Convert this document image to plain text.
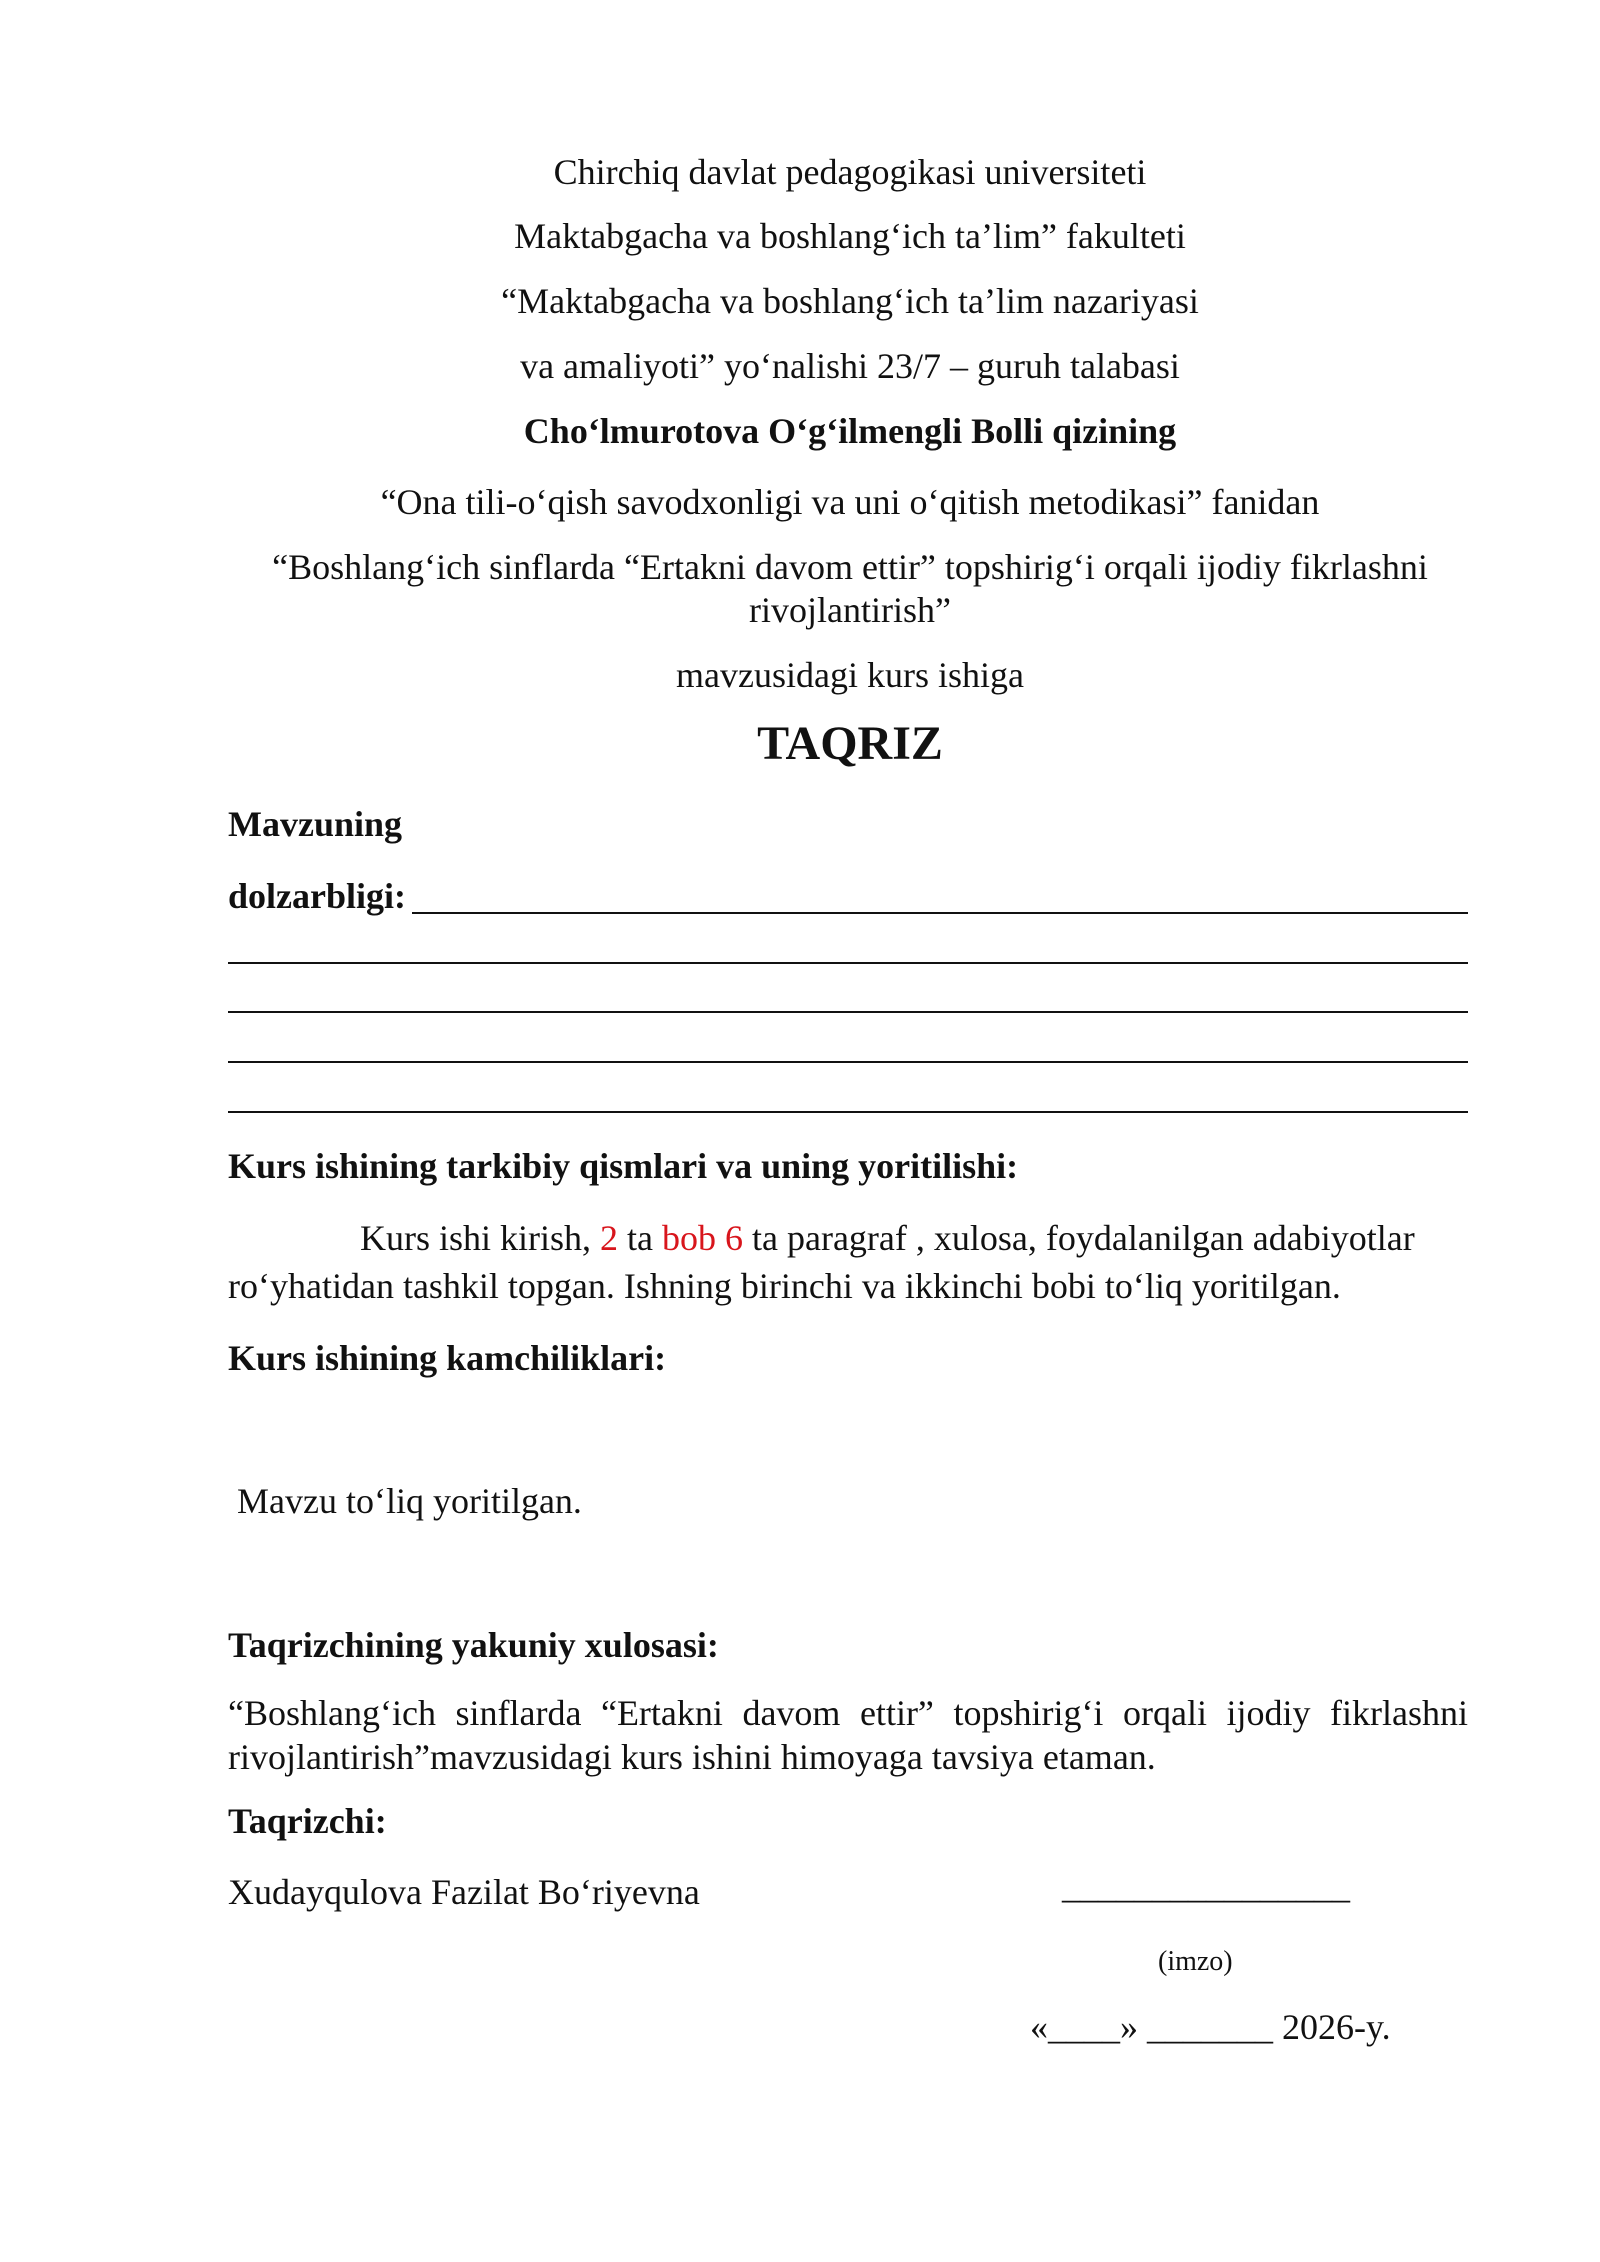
Chirchiq davlat pedagogikasi universiteti
Maktabgacha va boshlang‘ich ta’lim” fakulteti
“Maktabgacha va boshlang‘ich ta’lim nazariyasi
va amaliyoti” yo‘nalishi 23/7 – guruh talabasi
Cho‘lmurotova O‘g‘ilmengli Bolli qizining
“Ona tili-o‘qish savodxonligi va uni o‘qitish metodikasi” fanidan
“Boshlang‘ich sinflarda “Ertakni davom ettir” topshirig‘i orqali ijodiy fikrlashni
rivojlantirish”
mavzusidagi kurs ishiga
TAQRIZ
Mavzuning
dolzarbligi:
Kurs ishining tarkibiy qismlari va uning yoritilishi:
Kurs ishi kirish, 2 ta bob 6 ta paragraf , xulosa, foydalanilgan adabiyotlar
ro‘yhatidan tashkil topgan. Ishning birinchi va ikkinchi bobi to‘liq yoritilgan.
Kurs ishining kamchiliklari:
Mavzu to‘liq yoritilgan.
Taqrizchining yakuniy xulosasi:
“Boshlang‘ich sinflarda “Ertakni davom ettir” topshirig‘i orqali ijodiy fikrlashni
rivojlantirish”mavzusidagi kurs ishini himoyaga tavsiya etaman.
Taqrizchi:
Xudayqulova Fazilat Bo‘riyevna	________________
(imzo)
«____» _______ 2026-y.
